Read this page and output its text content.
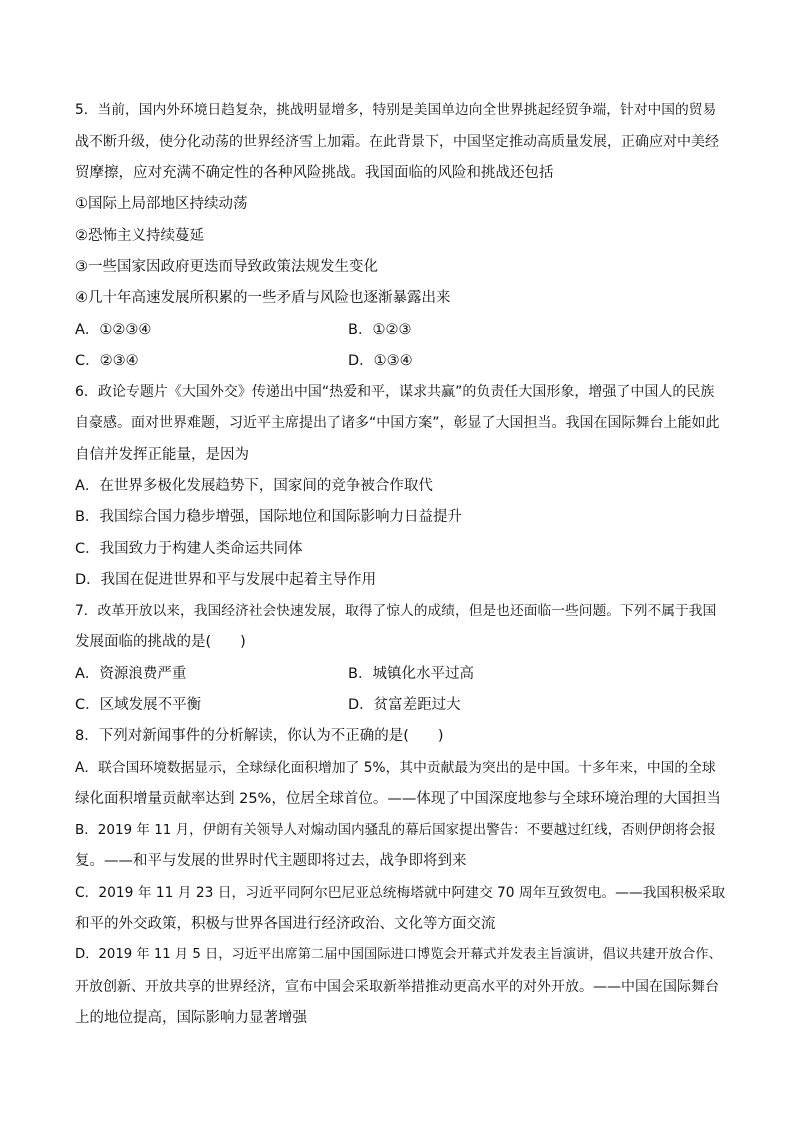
5．当前，国内外环境日趋复杂，挑战明显增多，特别是美国单边向全世界挑起经贸争端，针对中国的贸易
战不断升级，使分化动荡的世界经济雪上加霜。在此背景下，中国坚定推动高质量发展，正确应对中美经
贸摩擦，应对充满不确定性的各种风险挑战。我国面临的风险和挑战还包括
①国际上局部地区持续动荡
②恐怖主义持续蔓延
③一些国家因政府更迭而导致政策法规发生变化
④几十年高速发展所积累的一些矛盾与风险也逐渐暴露出来
A．①②③④	B．①②③
C．②③④	D．①③④
6．政论专题片《大国外交》传递出中国“热爱和平，谋求共赢”的负责任大国形象，增强了中国人的民族
自豪感。面对世界难题，习近平主席提出了诸多“中国方案”，彰显了大国担当。我国在国际舞台上能如此
自信并发挥正能量，是因为
A．在世界多极化发展趋势下，国家间的竞争被合作取代
B．我国综合国力稳步增强，国际地位和国际影响力日益提升
C．我国致力于构建人类命运共同体
D．我国在促进世界和平与发展中起着主导作用
7．改革开放以来，我国经济社会快速发展，取得了惊人的成绩，但是也还面临一些问题。下列不属于我国
发展面临的挑战的是(　　)
A．资源浪费严重	B．城镇化水平过高
C．区域发展不平衡	D．贫富差距过大
8．下列对新闻事件的分析解读，你认为不正确的是(　　)
A．联合国环境数据显示，全球绿化面积增加了 5%，其中贡献最为突出的是中国。十多年来，中国的全球
绿化面积增量贡献率达到 25%，位居全球首位。——体现了中国深度地参与全球环境治理的大国担当
B．2019 年 11 月，伊朗有关领导人对煽动国内骚乱的幕后国家提出警告：不要越过红线，否则伊朗将会报
复。——和平与发展的世界时代主题即将过去，战争即将到来
C．2019 年 11 月 23 日，习近平同阿尔巴尼亚总统梅塔就中阿建交 70 周年互致贺电。——我国积极采取
和平的外交政策，积极与世界各国进行经济政治、文化等方面交流
D．2019 年 11 月 5 日，习近平出席第二届中国国际进口博览会开幕式并发表主旨演讲，倡议共建开放合作、
开放创新、开放共享的世界经济，宣布中国会采取新举措推动更高水平的对外开放。——中国在国际舞台
上的地位提高，国际影响力显著增强
